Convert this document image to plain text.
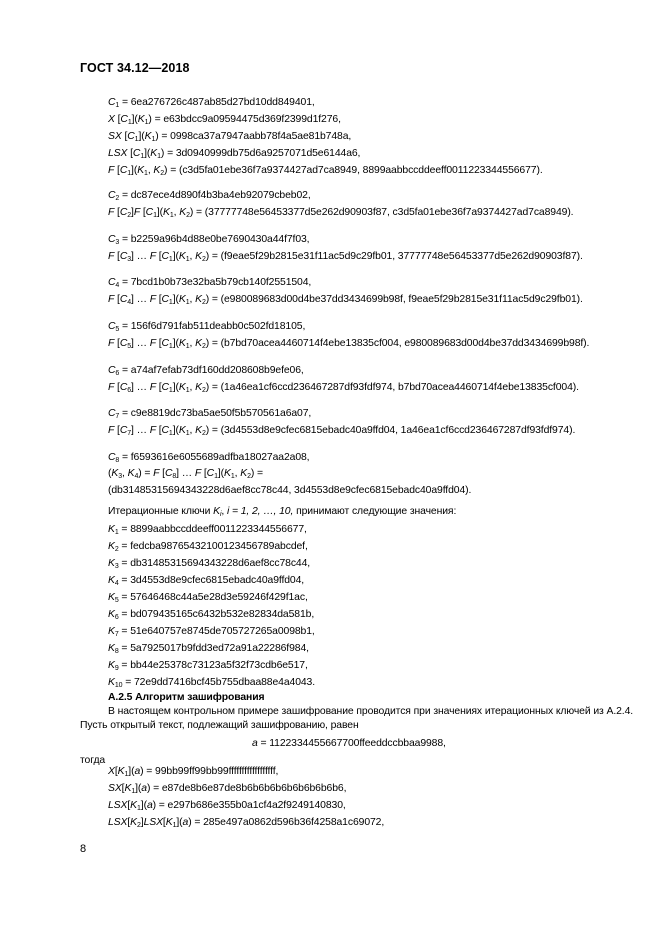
ГОСТ 34.12—2018
$C_1 = 6ea276726c487ab85d27bd10dd849401$,
X $[C_1](K_1)$ = e63bdcc9a09594475d369f2399d1f276,
SX $[C_1](K_1)$ = 0998ca37a7947aabb78f4a5ae81b748a,
LSX $[C_1](K_1) = 3d0940999db75d6a9257071d5e6144a6$,
F $[C_1](K_1$, $K_2) = (c3d5fa01ebe36f7a9374427ad7ca8949$, 8899aabbccddeeff0011223344556677).
$C_2$ = dc87ece4d890f4b3ba4eb92079cbeb02,
F $[C_2]F$ $[C_1](K_1$, $K_2) = (37777748e56453377d5e262d90903f87$, c3d5fa01ebe36f7a9374427ad7ca8949).
$C_3 = b2259a96b4d88e0be7690430a44f7f03$,
F $[C_3]$ … F $[C_1](K_1$, $K_2) = (f9eae5f29b2815e31f11ac5d9c29fb01$, 37777748e56453377d5e262d90903f87).
$C_4 = 7bcd1b0b73e32ba5b79cb140f2551504$,
F $[C_4]$ … F $[C_1](K_1$, $K_2) = (e980089683d00d4be37dd3434699b98f$, f9eae5f29b2815e31f11ac5d9c29fb01).
$C_5$ = 156f6d791fab511deabb0c502fd18105,
F $[C_5]$ … F $[C_1](K_1$, $K_2$) = (b7bd70acea4460714f4ebe13835cf004, e980089683d00d4be37dd3434699b98f).
$C_6$ = a74af7efab73df160dd208608b9efe06,
F $[C_6]$ … F $[C_1](K_1$, $K_2) = (1a46ea1cf6ccd236467287df93fdf974$, b7bd70acea4460714f4ebe13835cf004).
$C_7 = c9e8819dc73ba5ae50f5b570561a6a07$,
F $[C_7]$ … F $[C_1](K_1$, $K_2$) = (3d4553d8e9cfec6815ebadc40a9ffd04, 1a46ea1cf6ccd236467287df93fdf974).
$C_8$ = f6593616e6055689adfba18027aa2a08,
($K_3$, $K_4) = F$ $[C_8]$ … F $[C_1](K_1$, $K_2$) =
(db31485315694343228d6aef8cc78c44, 3d4553d8e9cfec6815ebadc40a9ffd04).
Итерационные ключи $K_i$, i = 1, 2, …, 10, принимают следующие значения:
$K_1$ = 8899aabbccddeeff0011223344556677,
$K_2$ = fedcba98765432100123456789abcdef,
$K_3 = db31485315694343228d6aef8cc78c44$,
$K_4$ = 3d4553d8e9cfec6815ebadc40a9ffd04,
$K_5 = 57646468c44a5e28d3e59246f429f1ac$,
$K_6 = bd079435165c6432b532e82834da581b$,
$K_7 = 51e640757e8745de705727265a0098b1$,
$K_8 = 5a7925017b9fdd3ed72a91a22286f984$,
$K_9 = bb44e25378c73123a5f32f73cdb6e517$,
$K_{10}$ = 72e9dd7416bcf45b755dbaa88e4a4043.
А.2.5 Алгоритм зашифрования
В настоящем контрольном примере зашифрование проводится при значениях итерационных ключей из А.2.4.
Пусть открытый текст, подлежащий зашифрованию, равен
a = 1122334455667700ffeeddccbbaa9988,
тогда
$X[K_1](a)$ = 99bb99ff99bb99ffffffffffffffffff,
$SX[K_1](a) = e87de8b6e87de8b6b6b6b6b6b6b6b6b6$,
$LSX[K_1](a) = e297b686e355b0a1cf4a2f9249140830$,
$LSX[K_2]LSX[K_1](a) = 285e497a0862d596b36f4258a1c69072$,
8
